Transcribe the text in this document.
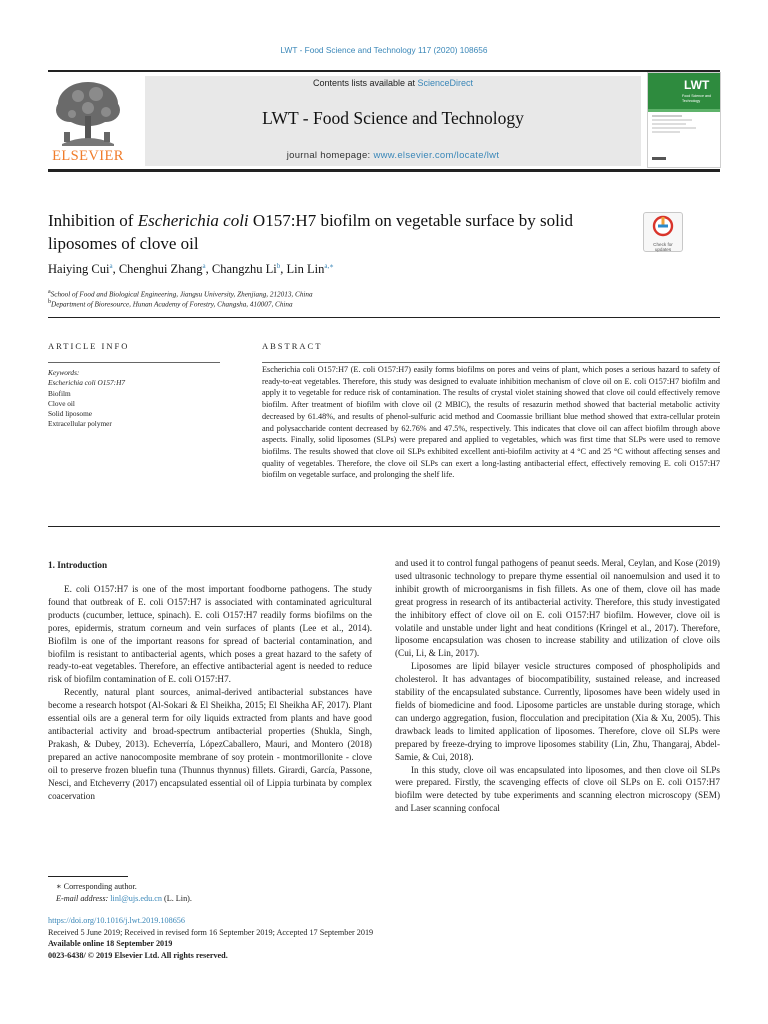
LWT - Food Science and Technology 117 (2020) 108656
ELSEVIER
Contents lists available at ScienceDirect
LWT - Food Science and Technology
journal homepage: www.elsevier.com/locate/lwt
LWT
Food Science and Technology
Inhibition of Escherichia coli O157:H7 biofilm on vegetable surface by solid
liposomes of clove oil	Check for
updates
Haiying Cui$^a$, Chenghui Zhang$^a$, Changzhu Li$^b$, Lin Lin$^{a,∗}$
$^a$School of Food and Biological Engineering, Jiangsu University, Zhenjiang, 212013, China
$^b$Department of Bioresource, Hunan Academy of Forestry, Changsha, 410007, China
ARTICLE INFO	ABSTRACT
Keywords:
Escherichia coli O157:H7
Biofilm
Clove oil
Solid liposome
Extracellular polymer
Escherichia coli O157:H7 (E. coli O157:H7) easily forms biofilms on pores and veins of plant, which poses a serious hazard to safety of ready-to-eat vegetables. Therefore, this study was designed to evaluate inhibition mechanism of clove oil on E. coli O157:H7 biofilm and apply it to vegetable for reduce risk of contamination. The results of crystal violet staining showed that clove oil could effectively remove biofilm. After treatment of biofilm with clove oil (2 MBIC), the results of resazurin method showed that bacterial metabolic activity decreased by 61.48%, and results of phenol-sulfuric acid method and Coomassie brilliant blue method showed that extra-cellular protein and polysaccharide content decreased by 62.76% and 47.5%, respectively. This indicates that clove oil can affect biofilm through above aspects. Finally, solid liposomes (SLPs) were prepared and applied to vegetables, which was first time that SLPs were used to remove biofilms. The results showed that clove oil SLPs exhibited excellent anti-biofilm activity at 4 °C and 25 °C without affecting senses and quality of vegetables. Therefore, the clove oil SLPs can exert a long-lasting antibacterial effect, effectively removing E. coli O157:H7 biofilm on vegetable surface, and prolonging the shelf life.
1. Introduction

E. coli O157:H7 is one of the most important foodborne pathogens. The study found that outbreak of E. coli O157:H7 is associated with contaminated agricultural products (cucumber, lettuce, spinach). E. coli O157:H7 readily forms biofilms on the pores, epidermis, stratum corneum and vein surfaces of plants (Lee et al., 2014). Biofilm is one of the important reasons for spread of bacterial contamination, and biofilm is resistant to antibacterial agents, which poses a great hazard to the safety of ready-to-eat vegetables. Therefore, an effective antibacterial agent is needed to reduce risk of biofilm contamination of E. coli O157:H7.

Recently, natural plant sources, animal-derived antibacterial substances have become a research hotspot (Al-Sokari & El Sheikha, 2015; El Sheikha AF, 2017). Plant essential oils are a general term for oily liquids extracted from plants and have good antibacterial activity and broad-spectrum antibacterial properties (Shukla, Singh, Prakash, & Dubey, 2013). Echeverría, LópezCaballero, Mauri, and Montero (2018) prepared an active nanocomposite membrane of soy protein - montmorillonite - clove oil to preserve frozen bluefin tuna (Thunnus thynnus) fillets. Girardi, García, Passone, Nesci, and Etcheverry (2017) encapsulated essential oil of Lippia turbinata by complex coacervation

and used it to control fungal pathogens of peanut seeds. Meral, Ceylan, and Kose (2019) used ultrasonic technology to prepare thyme essential oil nanoemulsion and used it to inhibit growth of microorganisms in fish fillets. As one of them, clove oil has made great progress in research of its antibacterial activity. Therefore, this study investigated the inhibitory effect of clove oil on E. coli O157:H7 biofilm. However, clove oil is volatile and unstable under light and heat conditions (Kringel et al., 2017). Therefore, liposome encapsulation was chosen to increase stability and utilization of clove oils (Cui, Li, & Lin, 2017).

Liposomes are lipid bilayer vesicle structures composed of phospholipids and cholesterol. It has advantages of biocompatibility, sustained release, and increased stability of the encapsulated substance. Currently, liposomes have been widely used in fields of biomedicine and food. Liposome particles are unstable during storage, which can undergo aggregation, fusion, flocculation and precipitation (Xia & Xu, 2005). This drawback leads to limited application of liposomes. Therefore, clove oil SLPs were prepared by freeze-drying to improve liposomes stability (Lin, Zhu, Thangaraj, Abdel-Samie, & Cui, 2018).

In this study, clove oil was encapsulated into liposomes, and then clove oil SLPs were prepared. Firstly, the scavenging effects of clove oil SLPs on E. coli O157:H7 biofilm were detected by tube experiments and scanning electron microscopy (SEM) and Laser scanning confocal

∗ Corresponding author.
E-mail address: linl@ujs.edu.cn (L. Lin).
https://doi.org/10.1016/j.lwt.2019.108656
Received 5 June 2019; Received in revised form 16 September 2019; Accepted 17 September 2019
Available online 18 September 2019
0023-6438/ © 2019 Elsevier Ltd. All rights reserved.
